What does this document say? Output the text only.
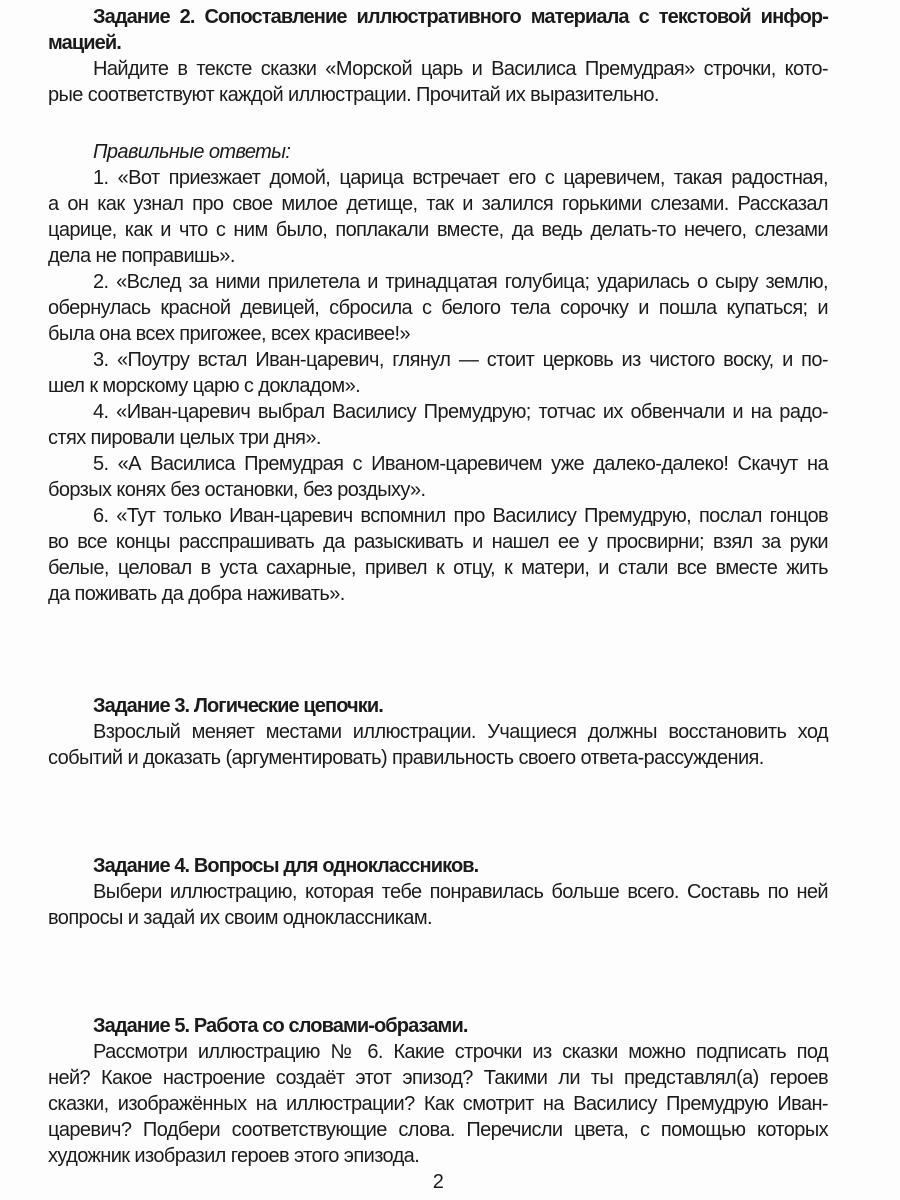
Задание 2. Сопоставление иллюстративного материала с текстовой инфор-
мацией.
Найдите в тексте сказки «Морской царь и Василиса Премудрая» строчки, кото-
рые соответствуют каждой иллюстрации. Прочитай их выразительно.
Правильные ответы:
1. «Вот приезжает домой, царица встречает его с царевичем, такая радостная,
а он как узнал про свое милое детище, так и залился горькими слезами. Рассказал
царице, как и что с ним было, поплакали вместе, да ведь делать-то нечего, слезами
дела не поправишь».
2. «Вслед за ними прилетела и тринадцатая голубица; ударилась о сыру землю,
обернулась красной девицей, сбросила с белого тела сорочку и пошла купаться; и
была она всех пригожее, всех красивее!»
3. «Поутру встал Иван-царевич, глянул — стоит церковь из чистого воску, и по-
шел к морскому царю с докладом».
4. «Иван-царевич выбрал Василису Премудрую; тотчас их обвенчали и на радо-
стях пировали целых три дня».
5. «А Василиса Премудрая с Иваном-царевичем уже далеко-далеко! Скачут на
борзых конях без остановки, без роздыху».
6. «Тут только Иван-царевич вспомнил про Василису Премудрую, послал гонцов
во все концы расспрашивать да разыскивать и нашел ее у просвирни; взял за руки
белые, целовал в уста сахарные, привел к отцу, к матери, и стали все вместе жить
да поживать да добра наживать».
Задание 3. Логические цепочки.
Взрослый меняет местами иллюстрации. Учащиеся должны восстановить ход
событий и доказать (аргументировать) правильность своего ответа-рассуждения.
Задание 4. Вопросы для одноклассников.
Выбери иллюстрацию, которая тебе понравилась больше всего. Составь по ней
вопросы и задай их своим одноклассникам.
Задание 5. Работа со словами-образами.
Рассмотри иллюстрацию № 6. Какие строчки из сказки можно подписать под
ней? Какое настроение создаёт этот эпизод? Такими ли ты представлял(а) героев
сказки, изображённых на иллюстрации? Как смотрит на Василису Премудрую Иван-
царевич? Подбери соответствующие слова. Перечисли цвета, с помощью которых
художник изобразил героев этого эпизода.
2
